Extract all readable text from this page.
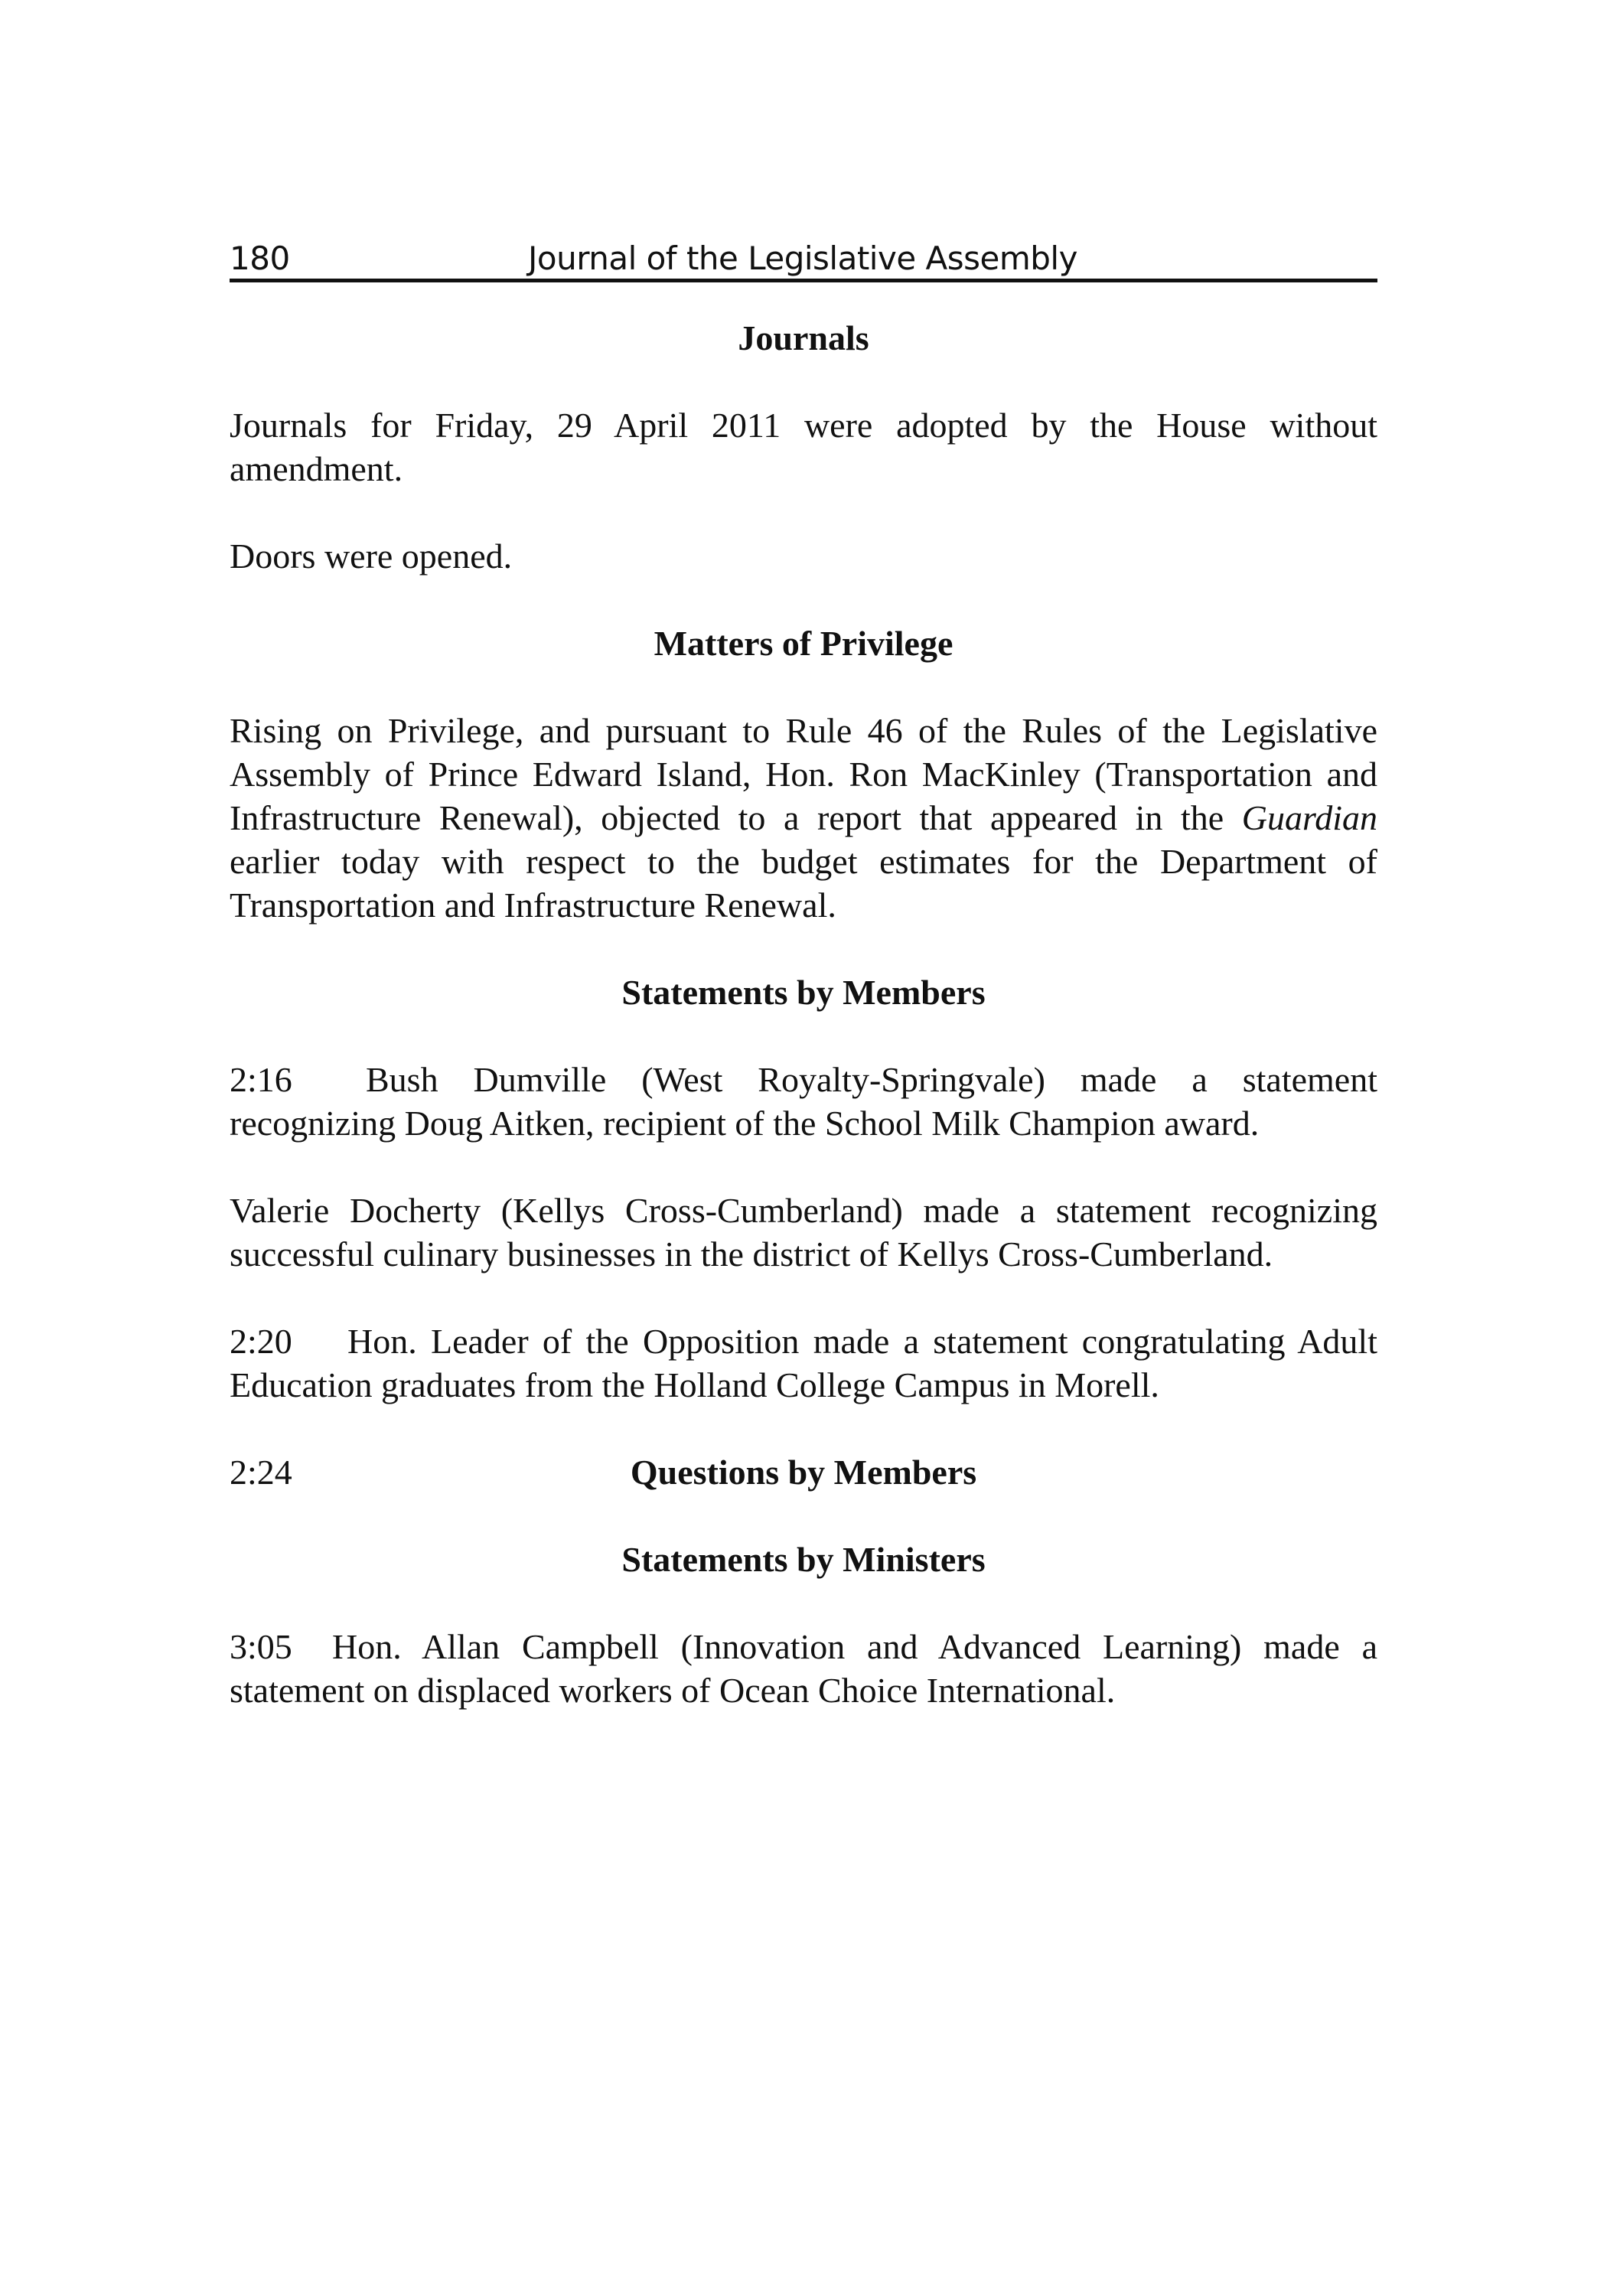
180	Journal of the Legislative Assembly
Journals

Journals for Friday, 29 April 2011 were adopted by the House without amendment.

Doors were opened.

Matters of Privilege

Rising on Privilege, and pursuant to Rule 46 of the Rules of the Legislative Assembly of Prince Edward Island, Hon. Ron MacKinley (Transportation and Infrastructure Renewal), objected to a report that appeared in the Guardian earlier today with respect to the budget estimates for the Department of Transportation and Infrastructure Renewal.

Statements by Members

2:16 Bush Dumville (West Royalty-Springvale) made a statement recognizing Doug Aitken, recipient of the School Milk Champion award.

Valerie Docherty (Kellys Cross-Cumberland) made a statement recognizing successful culinary businesses in the district of Kellys Cross-Cumberland.

2:20 Hon. Leader of the Opposition made a statement congratulating Adult Education graduates from the Holland College Campus in Morell.

2:24	Questions by Members
Statements by Ministers

3:05 Hon. Allan Campbell (Innovation and Advanced Learning) made a statement on displaced workers of Ocean Choice International.
